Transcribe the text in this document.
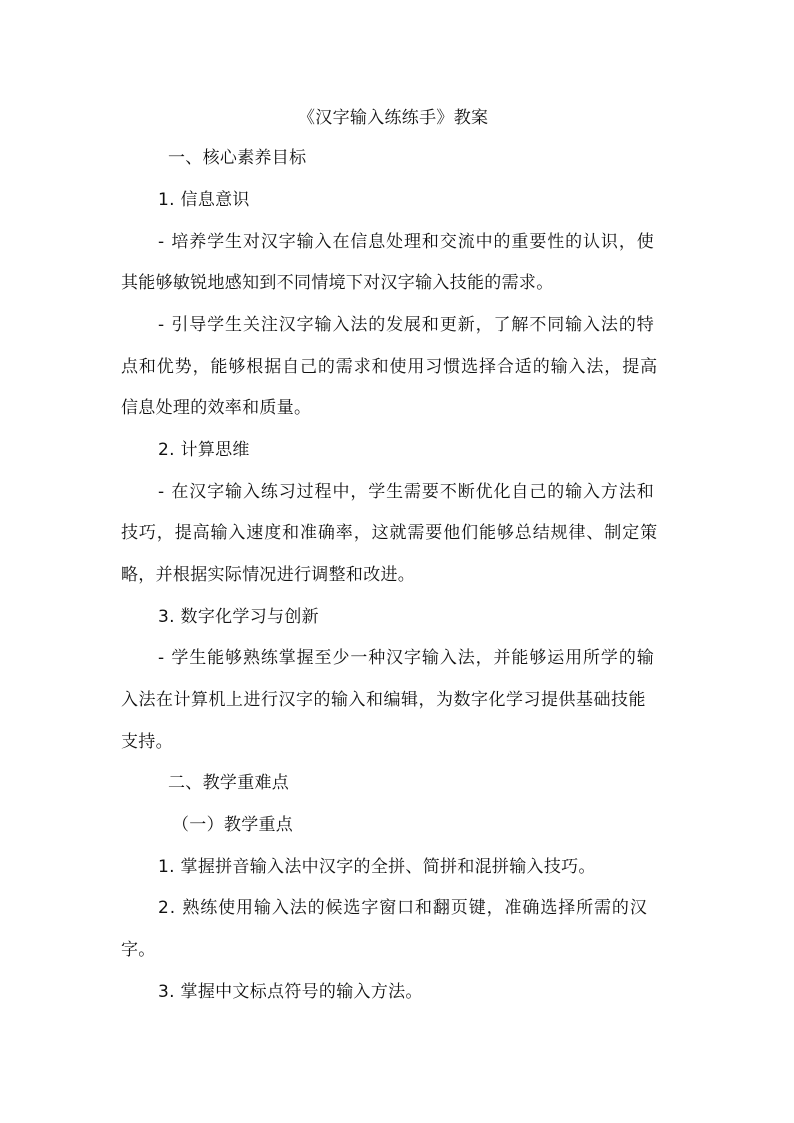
《汉字输入练练手》教案
一、核心素养目标
1. 信息意识
- 培养学生对汉字输入在信息处理和交流中的重要性的认识，使
其能够敏锐地感知到不同情境下对汉字输入技能的需求。
- 引导学生关注汉字输入法的发展和更新，了解不同输入法的特
点和优势，能够根据自己的需求和使用习惯选择合适的输入法，提高
信息处理的效率和质量。
2. 计算思维
- 在汉字输入练习过程中，学生需要不断优化自己的输入方法和
技巧，提高输入速度和准确率，这就需要他们能够总结规律、制定策
略，并根据实际情况进行调整和改进。
3. 数字化学习与创新
- 学生能够熟练掌握至少一种汉字输入法，并能够运用所学的输
入法在计算机上进行汉字的输入和编辑，为数字化学习提供基础技能
支持。
二、教学重难点
（一）教学重点
1. 掌握拼音输入法中汉字的全拼、简拼和混拼输入技巧。
2. 熟练使用输入法的候选字窗口和翻页键，准确选择所需的汉
字。
3. 掌握中文标点符号的输入方法。
